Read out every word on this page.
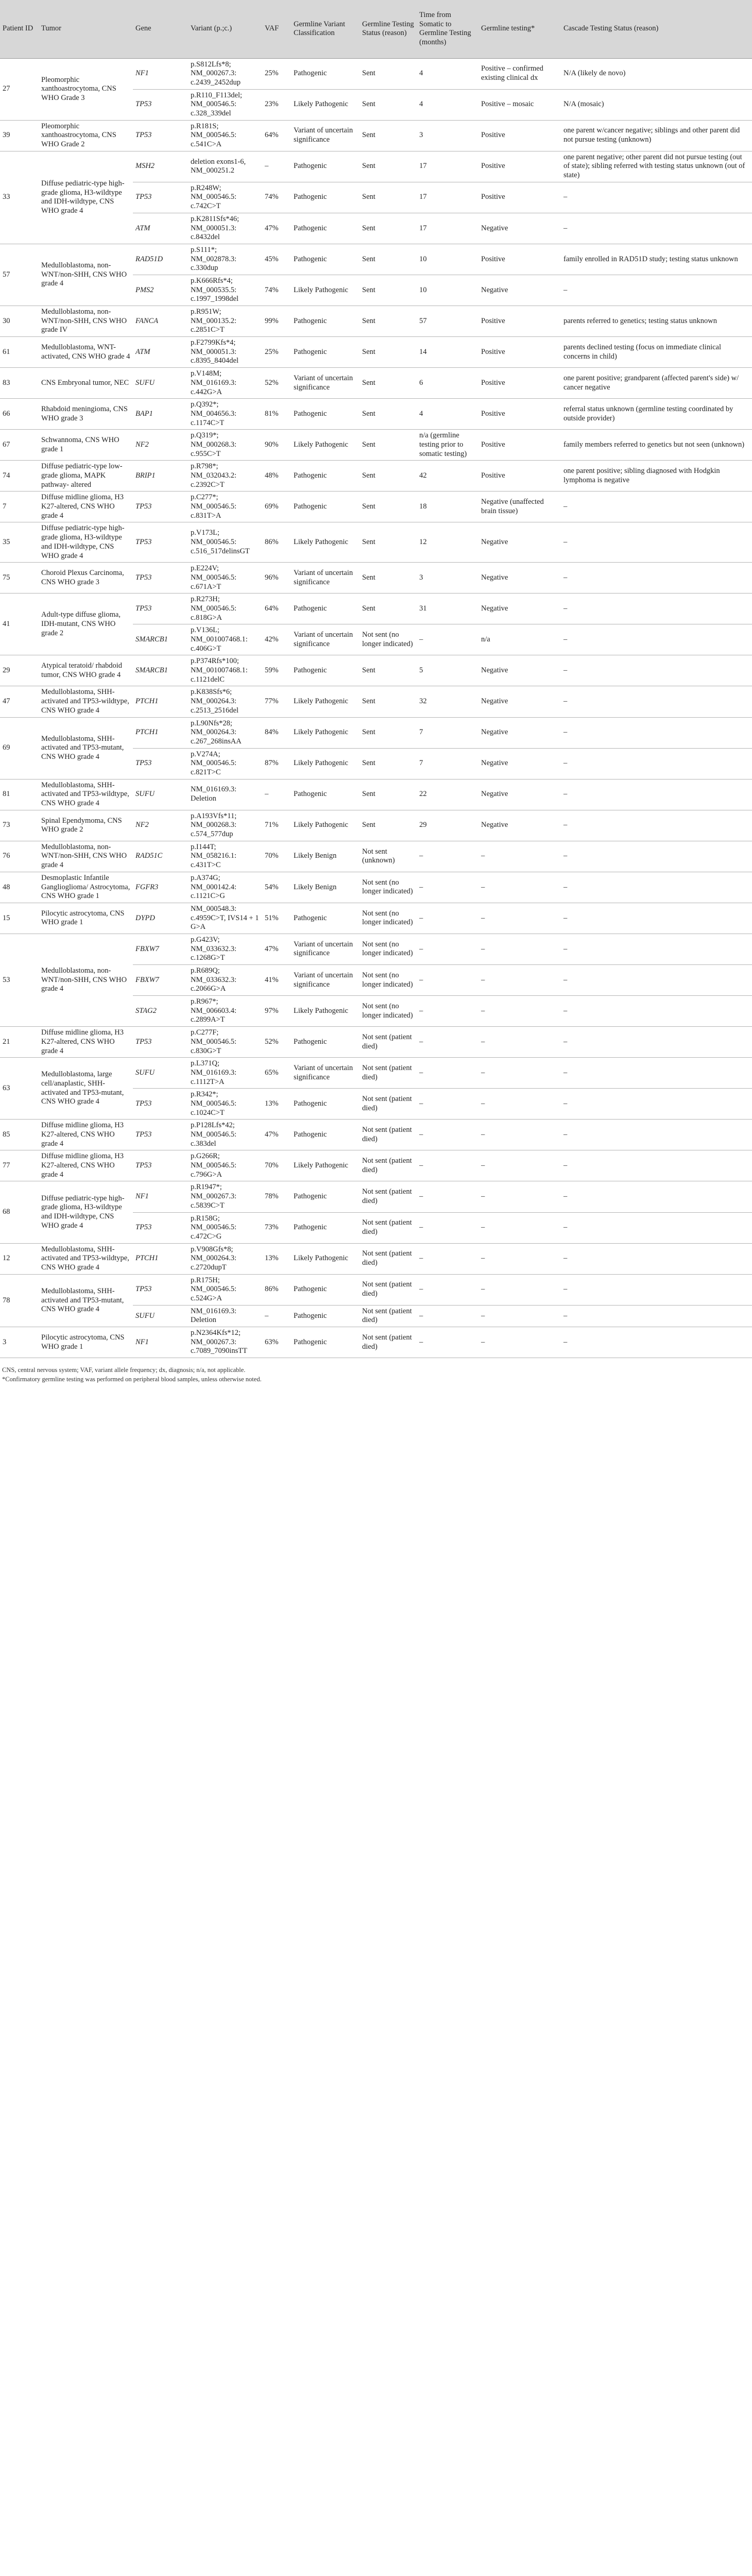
Patient ID	Tumor	Gene	Variant (p.;c.)	VAF	Germline Variant Classification	Germline Testing Status (reason)	Time from Somatic to Germline Testing (months)	Germline testing*	Cascade Testing Status (reason)
27	Pleomorphic xanthoastrocytoma, CNS WHO Grade 3	NF1	p.S812Lfs*8; NM_000267.3: c.2439_2452dup	25%	Pathogenic	Sent	4	Positive – confirmed existing clinical dx	N/A (likely de novo)
		TP53	p.R110_F113del; NM_000546.5: c.328_339del	23%	Likely Pathogenic	Sent	4	Positive – mosaic	N/A (mosaic)
39	Pleomorphic xanthoastrocytoma, CNS WHO Grade 2	TP53	p.R181S; NM_000546.5: c.541C>A	64%	Variant of uncertain significance	Sent	3	Positive	one parent w/cancer negative; siblings and other parent did not pursue testing (unknown)
33	Diffuse pediatric-type high-grade glioma, H3-wildtype and IDH-wildtype, CNS WHO grade 4	MSH2	deletion exons1-6, NM_000251.2	–	Pathogenic	Sent	17	Positive	one parent negative; other parent did not pursue testing (out of state); sibling referred with testing status unknown (out of state)
		TP53	p.R248W; NM_000546.5: c.742C>T	74%	Pathogenic	Sent	17	Positive	–
		ATM	p.K2811Sfs*46; NM_000051.3: c.8432del	47%	Pathogenic	Sent	17	Negative	–
57	Medulloblastoma, non-WNT/non-SHH, CNS WHO grade 4	RAD51D	p.S111*; NM_002878.3: c.330dup	45%	Pathogenic	Sent	10	Positive	family enrolled in RAD51D study; testing status unknown
		PMS2	p.K666Rfs*4; NM_000535.5: c.1997_1998del	74%	Likely Pathogenic	Sent	10	Negative	–
30	Medulloblastoma, non-WNT/non-SHH, CNS WHO grade IV	FANCA	p.R951W; NM_000135.2: c.2851C>T	99%	Pathogenic	Sent	57	Positive	parents referred to genetics; testing status unknown
61	Medulloblastoma, WNT-activated, CNS WHO grade 4	ATM	p.F2799Kfs*4; NM_000051.3: c.8395_8404del	25%	Pathogenic	Sent	14	Positive	parents declined testing (focus on immediate clinical concerns in child)
83	CNS Embryonal tumor, NEC	SUFU	p.V148M; NM_016169.3: c.442G>A	52%	Variant of uncertain significance	Sent	6	Positive	one parent positive; grandparent (affected parent's side) w/ cancer negative
66	Rhabdoid meningioma, CNS WHO grade 3	BAP1	p.Q392*; NM_004656.3: c.1174C>T	81%	Pathogenic	Sent	4	Positive	referral status unknown (germline testing coordinated by outside provider)
67	Schwannoma, CNS WHO grade 1	NF2	p.Q319*; NM_000268.3: c.955C>T	90%	Likely Pathogenic	Sent	n/a (germline testing prior to somatic testing)	Positive	family members referred to genetics but not seen (unknown)
74	Diffuse pediatric-type low-grade glioma, MAPK pathway- altered	BRIP1	p.R798*; NM_032043.2: c.2392C>T	48%	Pathogenic	Sent	42	Positive	one parent positive; sibling diagnosed with Hodgkin lymphoma is negative
7	Diffuse midline glioma, H3 K27-altered, CNS WHO grade 4	TP53	p.C277*; NM_000546.5: c.831T>A	69%	Pathogenic	Sent	18	Negative (unaffected brain tissue)	–
35	Diffuse pediatric-type high-grade glioma, H3-wildtype and IDH-wildtype, CNS WHO grade 4	TP53	p.V173L; NM_000546.5: c.516_517delinsGT	86%	Likely Pathogenic	Sent	12	Negative	–
75	Choroid Plexus Carcinoma, CNS WHO grade 3	TP53	p.E224V; NM_000546.5: c.671A>T	96%	Variant of uncertain significance	Sent	3	Negative	–
41	Adult-type diffuse glioma, IDH-mutant, CNS WHO grade 2	TP53	p.R273H; NM_000546.5: c.818G>A	64%	Pathogenic	Sent	31	Negative	–
		SMARCB1	p.V136L; NM_001007468.1: c.406G>T	42%	Variant of uncertain significance	Not sent (no longer indicated)	–	n/a	–
29	Atypical teratoid/ rhabdoid tumor, CNS WHO grade 4	SMARCB1	p.P374Rfs*100; NM_001007468.1: c.1121delC	59%	Pathogenic	Sent	5	Negative	–
47	Medulloblastoma, SHH-activated and TP53-wildtype, CNS WHO grade 4	PTCH1	p.K838Sfs*6; NM_000264.3: c.2513_2516del	77%	Likely Pathogenic	Sent	32	Negative	–
69	Medulloblastoma, SHH-activated and TP53-mutant, CNS WHO grade 4	PTCH1	p.L90Nfs*28; NM_000264.3: c.267_268insAA	84%	Likely Pathogenic	Sent	7	Negative	–
		TP53	p.V274A; NM_000546.5: c.821T>C	87%	Likely Pathogenic	Sent	7	Negative	–
81	Medulloblastoma, SHH-activated and TP53-wildtype, CNS WHO grade 4	SUFU	NM_016169.3: Deletion	–	Pathogenic	Sent	22	Negative	–
73	Spinal Ependymoma, CNS WHO grade 2	NF2	p.A193Vfs*11; NM_000268.3: c.574_577dup	71%	Likely Pathogenic	Sent	29	Negative	–
76	Medulloblastoma, non-WNT/non-SHH, CNS WHO grade 4	RAD51C	p.I144T; NM_058216.1: c.431T>C	70%	Likely Benign	Not sent (unknown)	–	–	–
48	Desmoplastic Infantile Ganglioglioma/ Astrocytoma, CNS WHO grade 1	FGFR3	p.A374G; NM_000142.4: c.1121C>G	54%	Likely Benign	Not sent (no longer indicated)	–	–	–
15	Pilocytic astrocytoma, CNS WHO grade 1	DYPD	NM_000548.3: c.4959C>T, IVS14 + 1 G>A	51%	Pathogenic	Not sent (no longer indicated)	–	–	–
53	Medulloblastoma, non-WNT/non-SHH, CNS WHO grade 4	FBXW7	p.G423V; NM_033632.3: c.1268G>T	47%	Variant of uncertain significance	Not sent (no longer indicated)	–	–	–
		FBXW7	p.R689Q; NM_033632.3: c.2066G>A	41%	Variant of uncertain significance	Not sent (no longer indicated)	–	–	–
		STAG2	p.R967*; NM_006603.4: c.2899A>T	97%	Likely Pathogenic	Not sent (no longer indicated)	–	–	–
21	Diffuse midline glioma, H3 K27-altered, CNS WHO grade 4	TP53	p.C277F; NM_000546.5: c.830G>T	52%	Pathogenic	Not sent (patient died)	–	–	–
63	Medulloblastoma, large cell/anaplastic, SHH-activated and TP53-mutant, CNS WHO grade 4	SUFU	p.L371Q; NM_016169.3: c.1112T>A	65%	Variant of uncertain significance	Not sent (patient died)	–	–	–
		TP53	p.R342*; NM_000546.5: c.1024C>T	13%	Pathogenic	Not sent (patient died)	–	–	–
85	Diffuse midline glioma, H3 K27-altered, CNS WHO grade 4	TP53	p.P128Lfs*42; NM_000546.5: c.383del	47%	Pathogenic	Not sent (patient died)	–	–	–
77	Diffuse midline glioma, H3 K27-altered, CNS WHO grade 4	TP53	p.G266R; NM_000546.5: c.796G>A	70%	Likely Pathogenic	Not sent (patient died)	–	–	–
68	Diffuse pediatric-type high-grade glioma, H3-wildtype and IDH-wildtype, CNS WHO grade 4	NF1	p.R1947*; NM_000267.3: c.5839C>T	78%	Pathogenic	Not sent (patient died)	–	–	–
		TP53	p.R158G; NM_000546.5: c.472C>G	73%	Pathogenic	Not sent (patient died)	–	–	–
12	Medulloblastoma, SHH-activated and TP53-wildtype, CNS WHO grade 4	PTCH1	p.V908Gfs*8; NM_000264.3: c.2720dupT	13%	Likely Pathogenic	Not sent (patient died)	–	–	–
78	Medulloblastoma, SHH-activated and TP53-mutant, CNS WHO grade 4	TP53	p.R175H; NM_000546.5: c.524G>A	86%	Pathogenic	Not sent (patient died)	–	–	–
		SUFU	NM_016169.3: Deletion	–	Pathogenic	Not sent (patient died)	–	–	–
3	Pilocytic astrocytoma, CNS WHO grade 1	NF1	p.N2364Kfs*12; NM_000267.3: c.7089_7090insTT	63%	Pathogenic	Not sent (patient died)	–	–	–
CNS, central nervous system; VAF, variant allele frequency; dx, diagnosis; n/a, not applicable.
*Confirmatory germline testing was performed on peripheral blood samples, unless otherwise noted.
